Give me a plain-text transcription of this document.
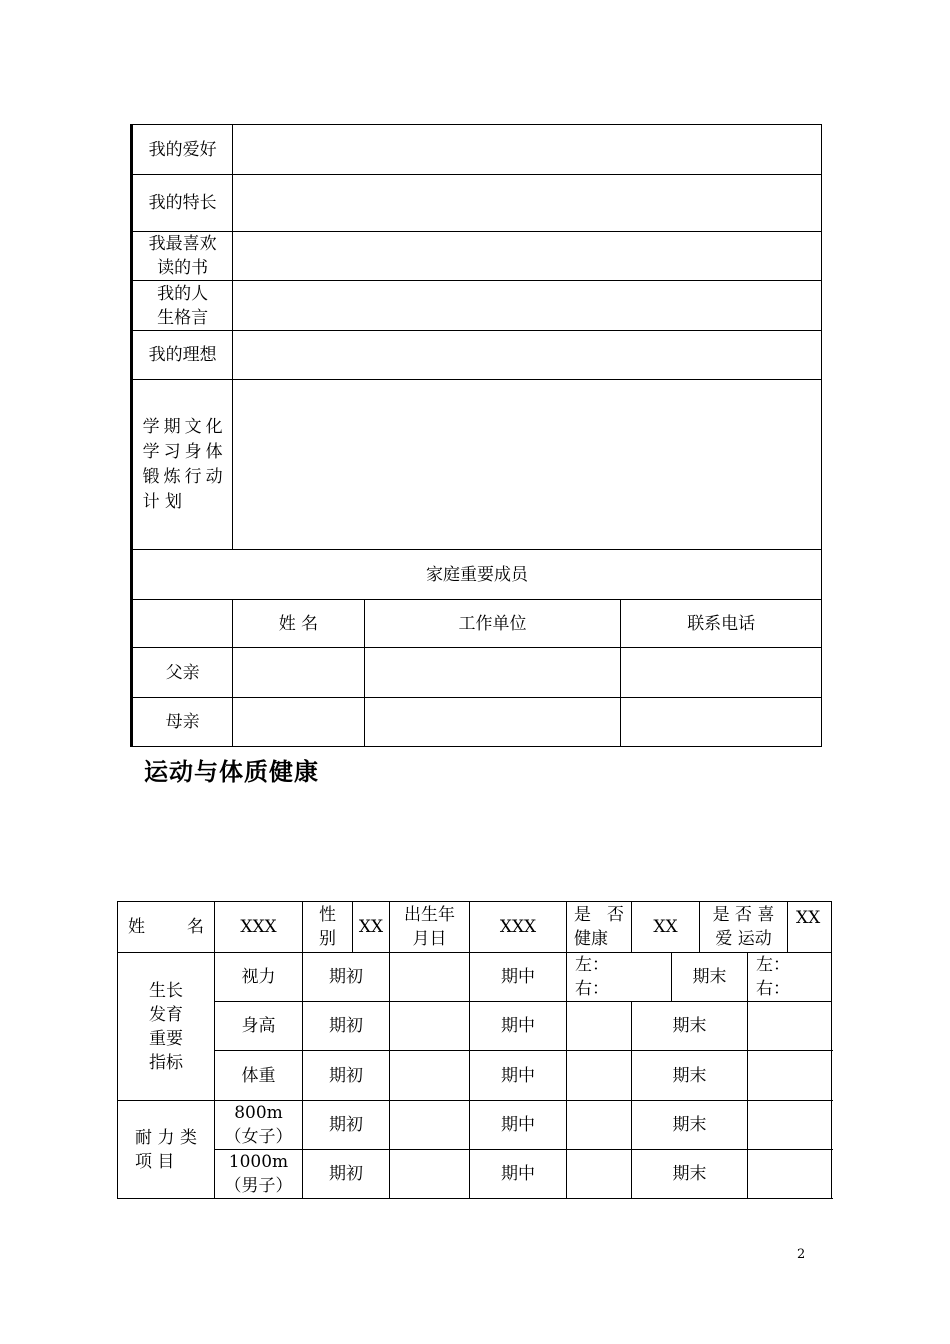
我的爱好			
我的特长			

我最喜欢读的书			

我的人生格言			

我的理想			

学期文化学习身体锻炼行动计 划			

家庭重要成员			
	姓 名	工作单位	联系电话
父亲			
母亲			
运动与体质健康
姓 名	XXX	性别	XX	出生年月日	XXX	是 否健康	XX		是 否 喜爱 运动		XX

生长发育重要指标	视力	期初			期中	左：右：		期末		左：右：	

	身高	期初			期中		期末				
	体重	期初			期中		期末				

耐力类项 目	800m（女子）	期初			期中		期末				

	1000m（男子）	期初			期中		期末				
2
